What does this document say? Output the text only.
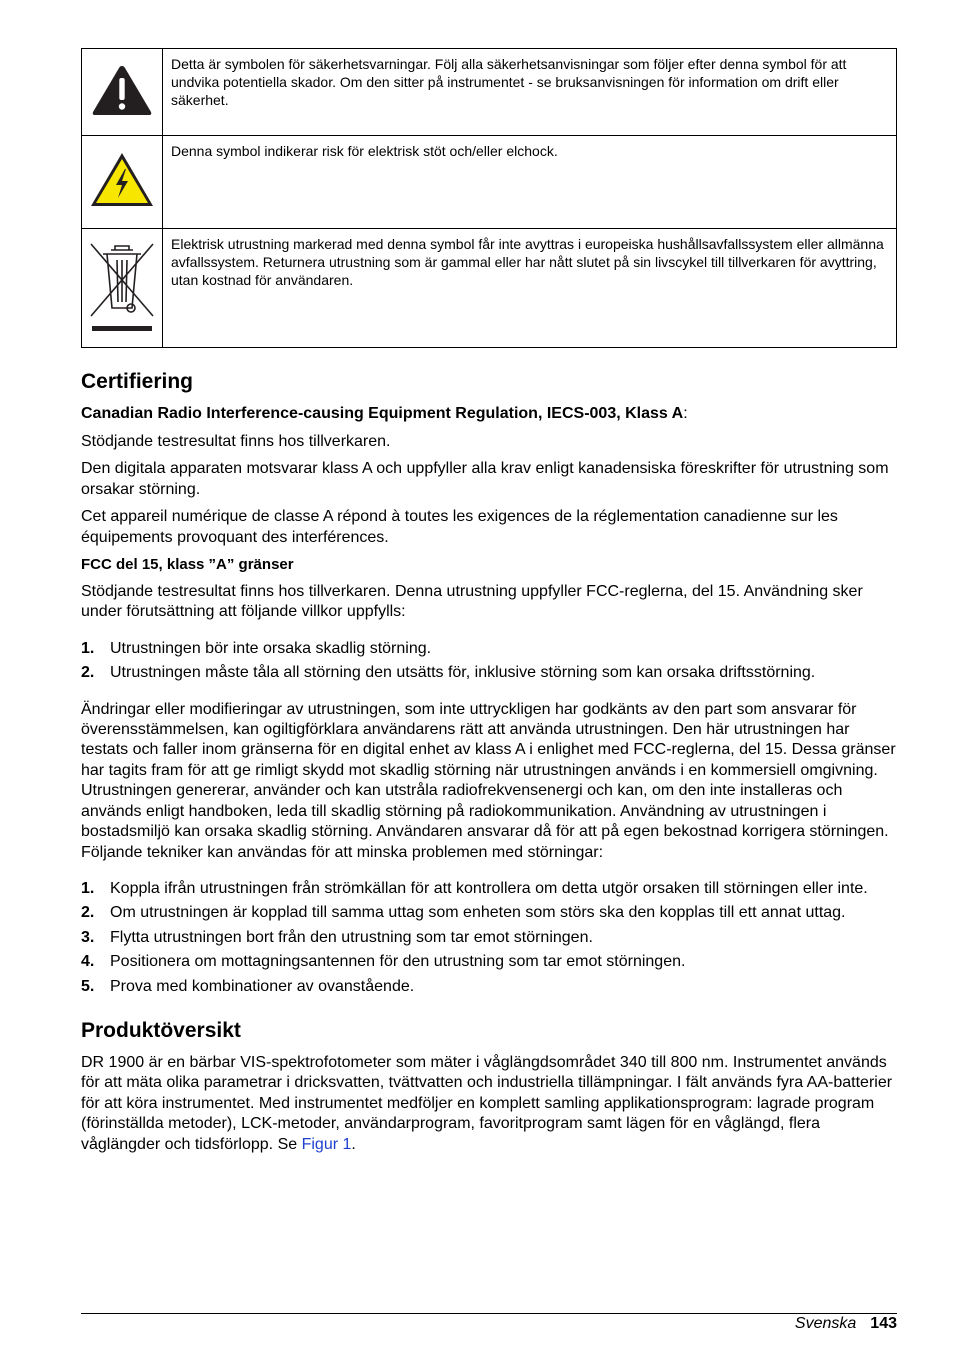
	Detta är symbolen för säkerhetsvarningar. Följ alla säkerhetsanvisningar som följer efter denna symbol för att undvika potentiella skador. Om den sitter på instrumentet - se bruksanvisningen för information om drift eller säkerhet.
	Denna symbol indikerar risk för elektrisk stöt och/eller elchock.
	Elektrisk utrustning markerad med denna symbol får inte avyttras i europeiska hushållsavfallssystem eller allmänna avfallssystem. Returnera utrustning som är gammal eller har nått slutet på sin livscykel till tillverkaren för avyttring, utan kostnad för användaren.
Certifiering
Canadian Radio Interference-causing Equipment Regulation, IECS-003, Klass A:

Stödjande testresultat finns hos tillverkaren.

Den digitala apparaten motsvarar klass A och uppfyller alla krav enligt kanadensiska föreskrifter för utrustning som orsakar störning.

Cet appareil numérique de classe A répond à toutes les exigences de la réglementation canadienne sur les équipements provoquant des interférences.

FCC del 15, klass ”A” gränser

Stödjande testresultat finns hos tillverkaren. Denna utrustning uppfyller FCC-reglerna, del 15. Användning sker under förutsättning att följande villkor uppfylls:

1. Utrustningen bör inte orsaka skadlig störning.
2. Utrustningen måste tåla all störning den utsätts för, inklusive störning som kan orsaka driftsstörning.

Ändringar eller modifieringar av utrustningen, som inte uttryckligen har godkänts av den part som ansvarar för överensstämmelsen, kan ogiltigförklara användarens rätt att använda utrustningen. Den här utrustningen har testats och faller inom gränserna för en digital enhet av klass A i enlighet med FCC-reglerna, del 15. Dessa gränser har tagits fram för att ge rimligt skydd mot skadlig störning när utrustningen används i en kommersiell omgivning. Utrustningen genererar, använder och kan utstråla radiofrekvensenergi och kan, om den inte installeras och används enligt handboken, leda till skadlig störning på radiokommunikation. Användning av utrustningen i bostadsmiljö kan orsaka skadlig störning. Användaren ansvarar då för att på egen bekostnad korrigera störningen. Följande tekniker kan användas för att minska problemen med störningar:

1. Koppla ifrån utrustningen från strömkällan för att kontrollera om detta utgör orsaken till störningen eller inte.
2. Om utrustningen är kopplad till samma uttag som enheten som störs ska den kopplas till ett annat uttag.
3. Flytta utrustningen bort från den utrustning som tar emot störningen.
4. Positionera om mottagningsantennen för den utrustning som tar emot störningen.
5. Prova med kombinationer av ovanstående.
Produktöversikt

DR 1900 är en bärbar VIS-spektrofotometer som mäter i våglängdsområdet 340 till 800 nm. Instrumentet används för att mäta olika parametrar i dricksvatten, tvättvatten och industriella tillämpningar. I fält används fyra AA-batterier för att köra instrumentet. Med instrumentet medföljer en komplett samling applikationsprogram: lagrade program (förinställda metoder), LCK-metoder, användarprogram, favoritprogram samt lägen för en våglängd, flera våglängder och tidsförlopp. Se Figur 1.

Svenska 143
